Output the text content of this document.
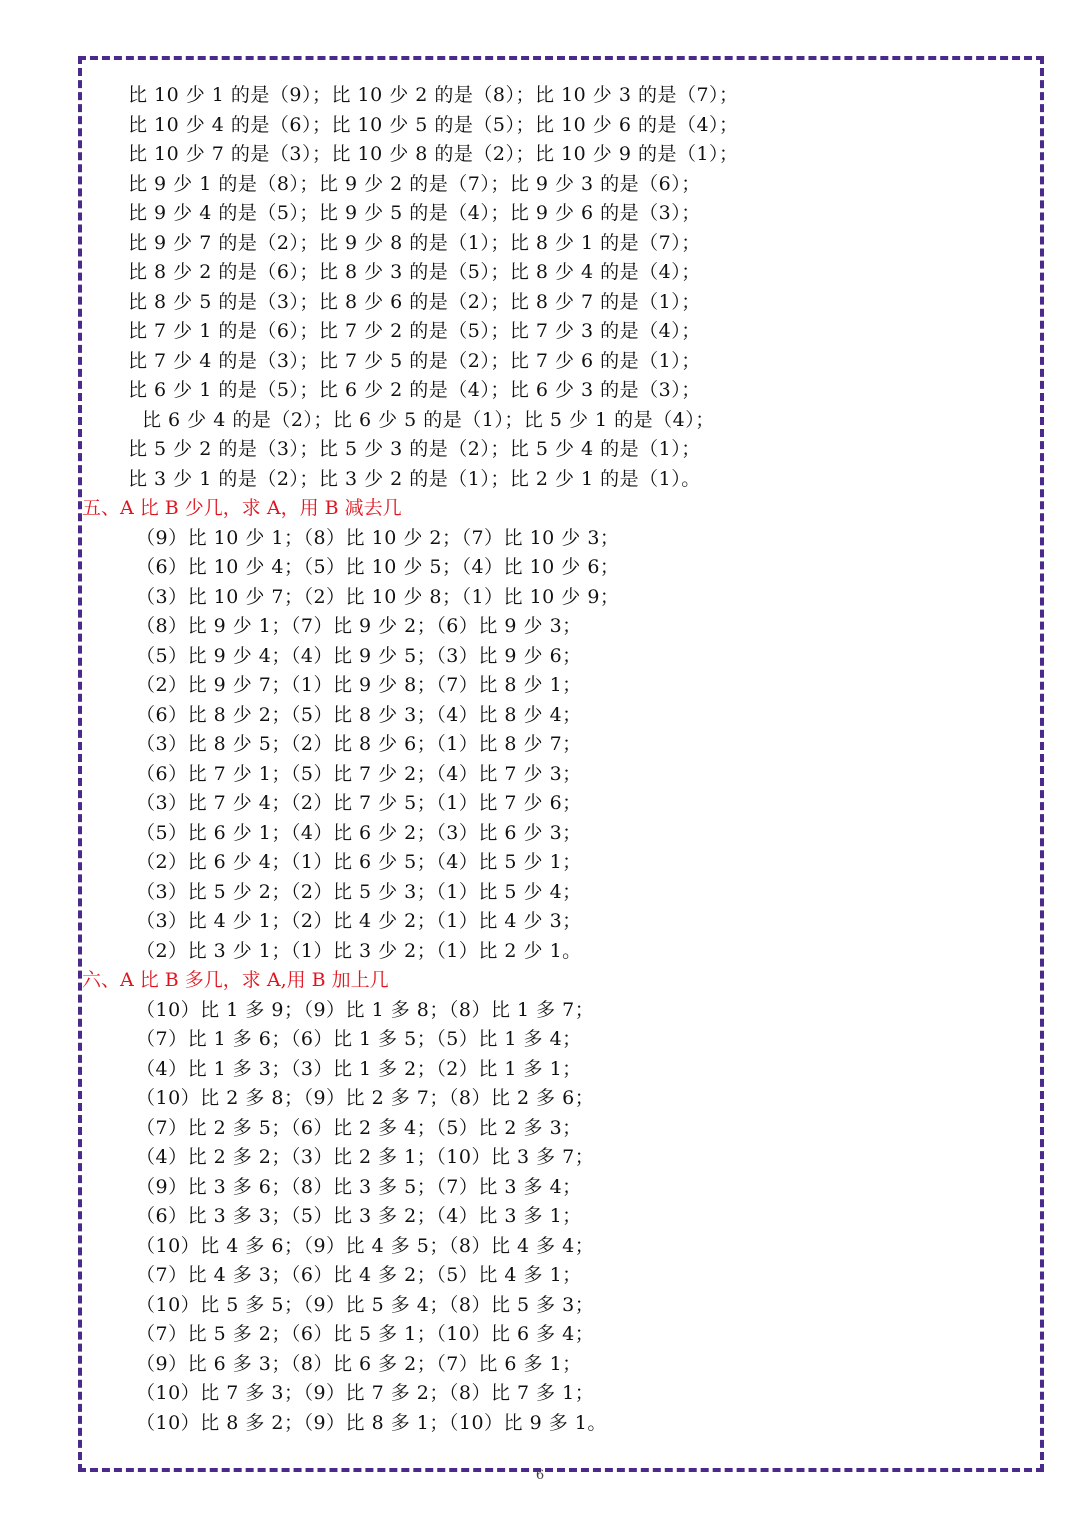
比 10 少 1 的是（9）；比 10 少 2 的是（8）；比 10 少 3 的是（7）；
比 10 少 4 的是（6）；比 10 少 5 的是（5）；比 10 少 6 的是（4）；
比 10 少 7 的是（3）；比 10 少 8 的是（2）；比 10 少 9 的是（1）；
比 9 少 1 的是（8）；比 9 少 2 的是（7）；比 9 少 3 的是（6）；
比 9 少 4 的是（5）；比 9 少 5 的是（4）；比 9 少 6 的是（3）；
比 9 少 7 的是（2）；比 9 少 8 的是（1）；比 8 少 1 的是（7）；
比 8 少 2 的是（6）；比 8 少 3 的是（5）；比 8 少 4 的是（4）；
比 8 少 5 的是（3）；比 8 少 6 的是（2）；比 8 少 7 的是（1）；
比 7 少 1 的是（6）；比 7 少 2 的是（5）；比 7 少 3 的是（4）；
比 7 少 4 的是（3）；比 7 少 5 的是（2）；比 7 少 6 的是（1）；
比 6 少 1 的是（5）；比 6 少 2 的是（4）；比 6 少 3 的是（3）；
比 6 少 4 的是（2）；比 6 少 5 的是（1）；比 5 少 1 的是（4）；
比 5 少 2 的是（3）；比 5 少 3 的是（2）；比 5 少 4 的是（1）；
比 3 少 1 的是（2）；比 3 少 2 的是（1）；比 2 少 1 的是（1）。
五、A 比 B 少几，求 A，用 B 减去几
（9）比 10 少 1；（8）比 10 少 2；（7）比 10 少 3；
（6）比 10 少 4；（5）比 10 少 5；（4）比 10 少 6；
（3）比 10 少 7；（2）比 10 少 8；（1）比 10 少 9；
（8）比 9 少 1；（7）比 9 少 2；（6）比 9 少 3；
（5）比 9 少 4；（4）比 9 少 5；（3）比 9 少 6；
（2）比 9 少 7；（1）比 9 少 8；（7）比 8 少 1；
（6）比 8 少 2；（5）比 8 少 3；（4）比 8 少 4；
（3）比 8 少 5；（2）比 8 少 6；（1）比 8 少 7；
（6）比 7 少 1；（5）比 7 少 2；（4）比 7 少 3；
（3）比 7 少 4；（2）比 7 少 5；（1）比 7 少 6；
（5）比 6 少 1；（4）比 6 少 2；（3）比 6 少 3；
（2）比 6 少 4；（1）比 6 少 5；（4）比 5 少 1；
（3）比 5 少 2；（2）比 5 少 3；（1）比 5 少 4；
（3）比 4 少 1；（2）比 4 少 2；（1）比 4 少 3；
（2）比 3 少 1；（1）比 3 少 2；（1）比 2 少 1。
六、A 比 B 多几，求 A,用 B 加上几
（10）比 1 多 9；（9）比 1 多 8；（8）比 1 多 7；
（7）比 1 多 6；（6）比 1 多 5；（5）比 1 多 4；
（4）比 1 多 3；（3）比 1 多 2；（2）比 1 多 1；
（10）比 2 多 8；（9）比 2 多 7；（8）比 2 多 6；
（7）比 2 多 5；（6）比 2 多 4；（5）比 2 多 3；
（4）比 2 多 2；（3）比 2 多 1；（10）比 3 多 7；
（9）比 3 多 6；（8）比 3 多 5；（7）比 3 多 4；
（6）比 3 多 3；（5）比 3 多 2；（4）比 3 多 1；
（10）比 4 多 6；（9）比 4 多 5；（8）比 4 多 4；
（7）比 4 多 3；（6）比 4 多 2；（5）比 4 多 1；
（10）比 5 多 5；（9）比 5 多 4；（8）比 5 多 3；
（7）比 5 多 2；（6）比 5 多 1；（10）比 6 多 4；
（9）比 6 多 3；（8）比 6 多 2；（7）比 6 多 1；
（10）比 7 多 3；（9）比 7 多 2；（8）比 7 多 1；
（10）比 8 多 2；（9）比 8 多 1；（10）比 9 多 1。
6
